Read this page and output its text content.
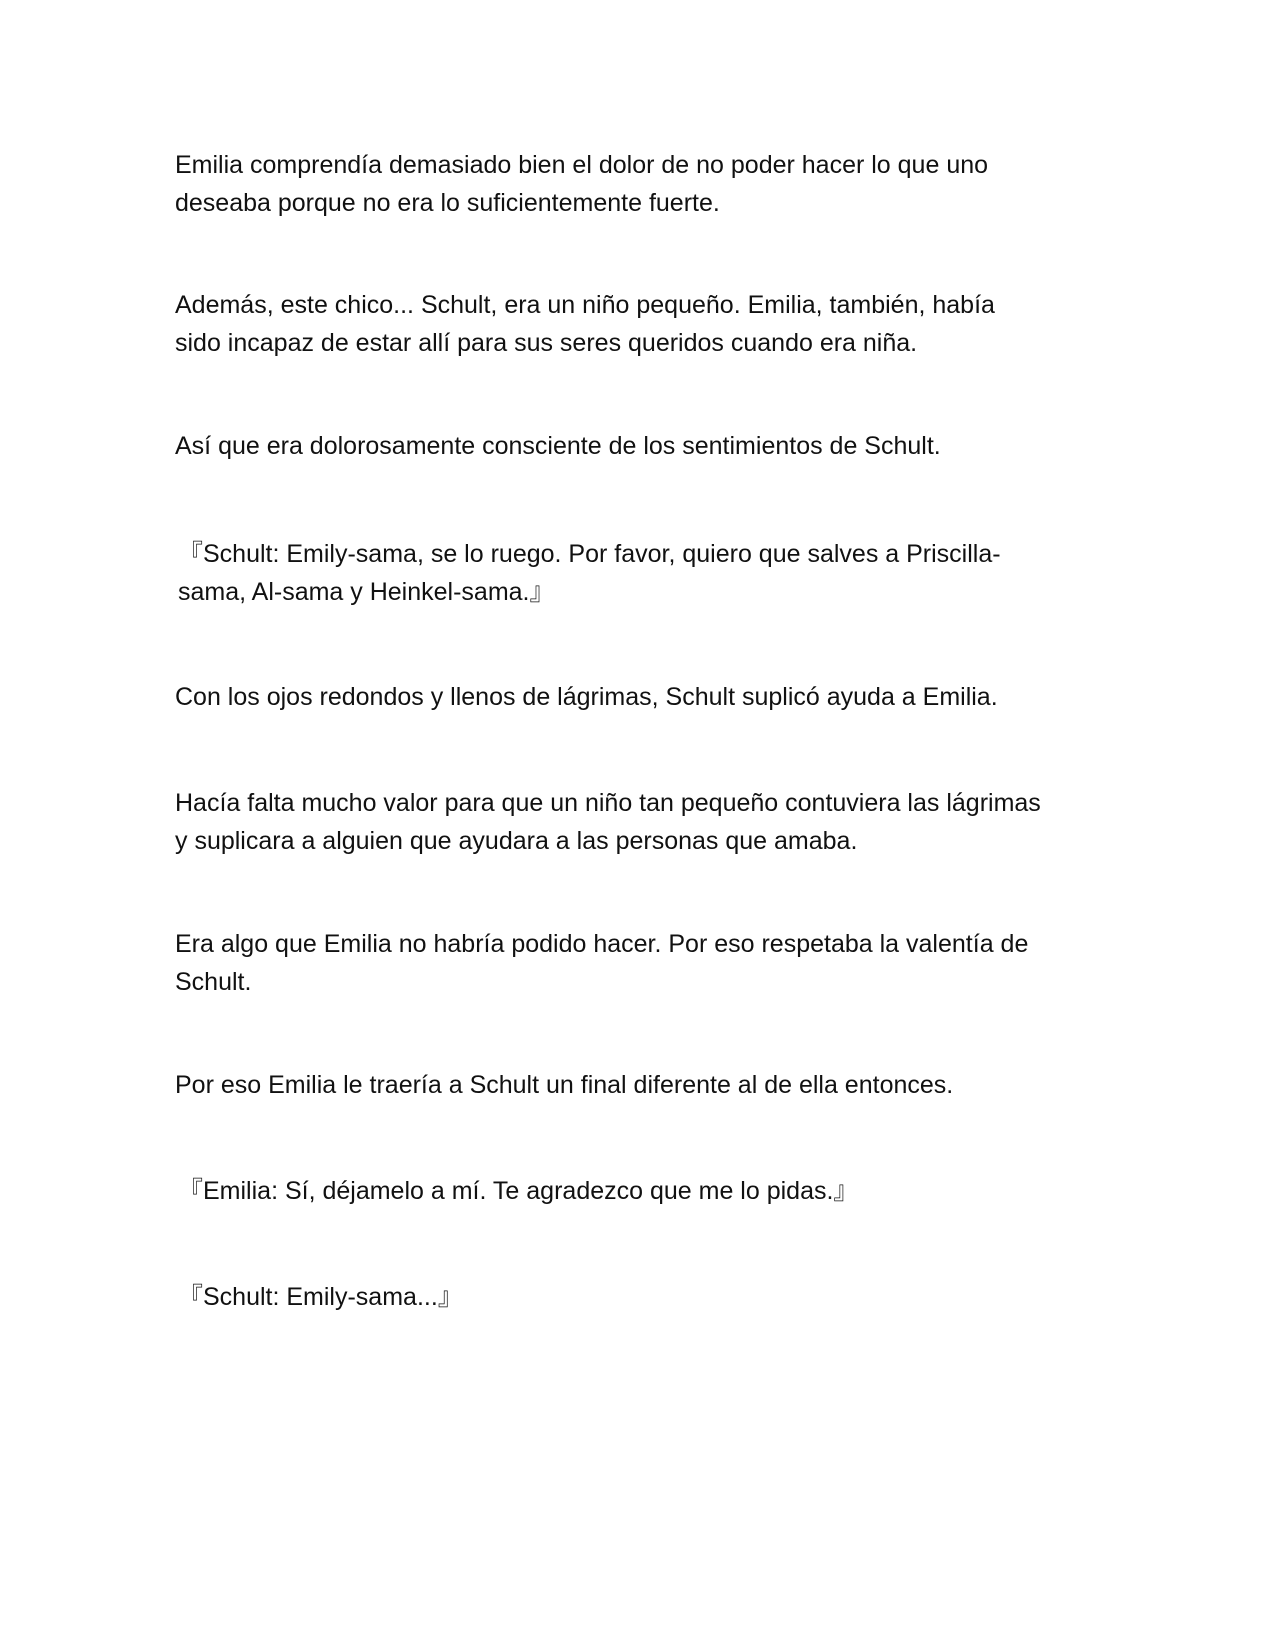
Emilia comprendía demasiado bien el dolor de no poder hacer lo que uno
deseaba porque no era lo suficientemente fuerte.

Además, este chico... Schult, era un niño pequeño. Emilia, también, había
sido incapaz de estar allí para sus seres queridos cuando era niña.

Así que era dolorosamente consciente de los sentimientos de Schult.

『Schult: Emily-sama, se lo ruego. Por favor, quiero que salves a Priscilla-
sama, Al-sama y Heinkel-sama.』

Con los ojos redondos y llenos de lágrimas, Schult suplicó ayuda a Emilia.

Hacía falta mucho valor para que un niño tan pequeño contuviera las lágrimas
y suplicara a alguien que ayudara a las personas que amaba.

Era algo que Emilia no habría podido hacer. Por eso respetaba la valentía de
Schult.

Por eso Emilia le traería a Schult un final diferente al de ella entonces.

『Emilia: Sí, déjamelo a mí. Te agradezco que me lo pidas.』

『Schult: Emily-sama...』
